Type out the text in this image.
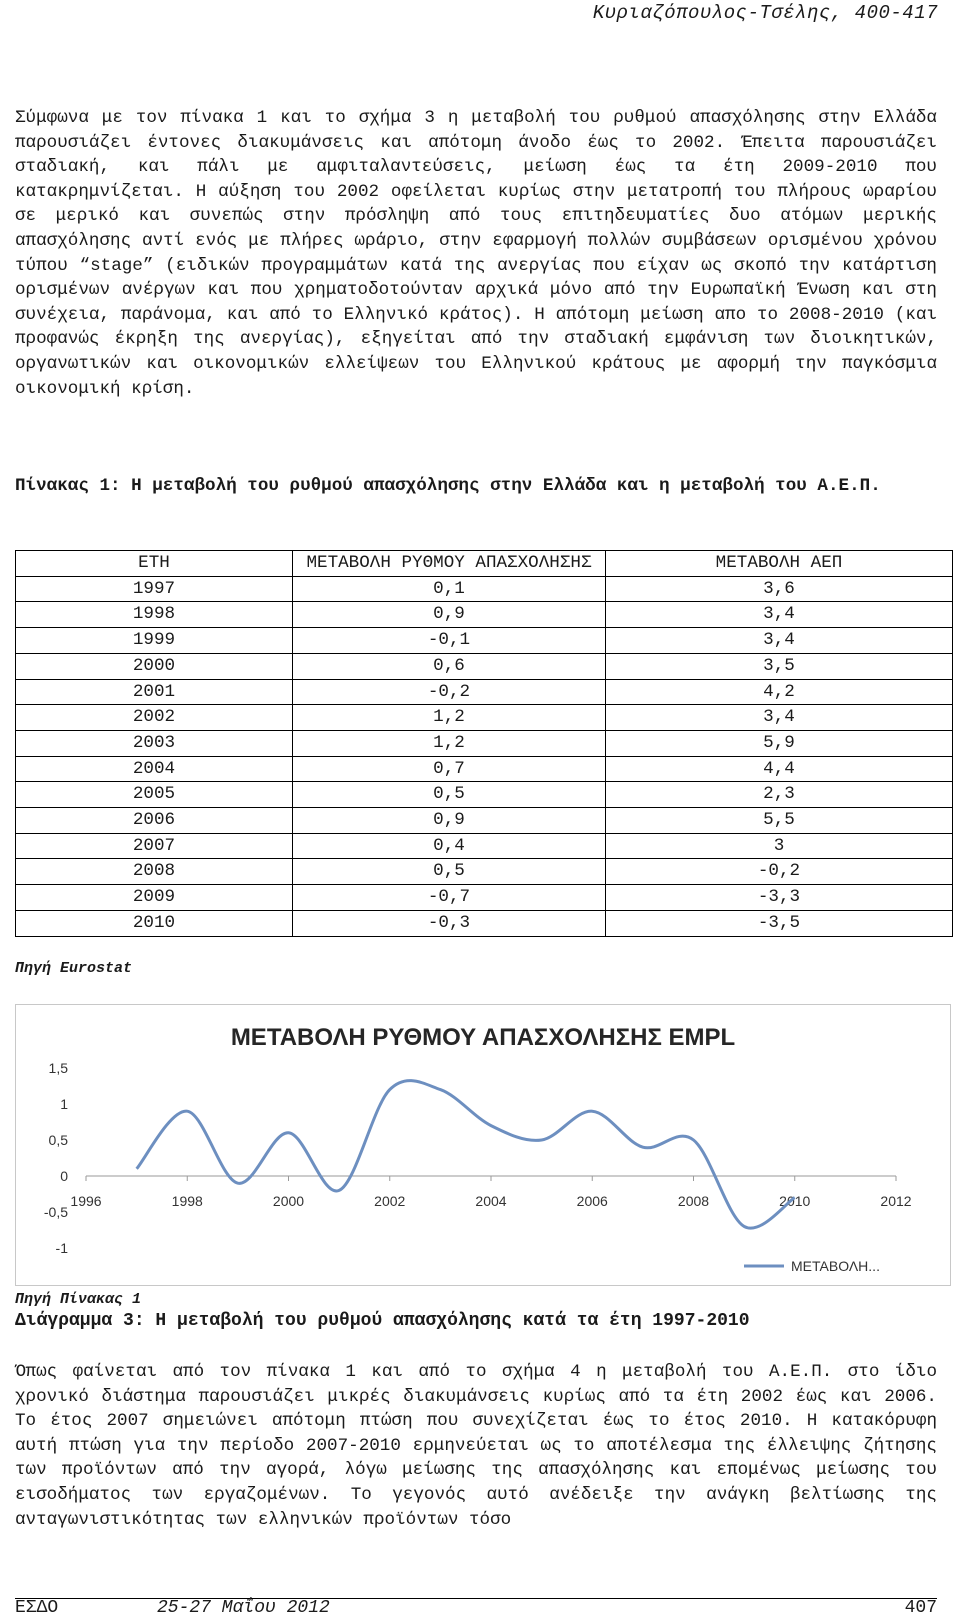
Κυριαζόπουλος-Τσέλης, 400-417

Σύμφωνα με τον πίνακα 1 και το σχήμα 3 η μεταβολή του ρυθμού απασχόλησης στην Ελλάδα παρουσιάζει έντονες διακυμάνσεις και απότομη άνοδο έως το 2002. Έπειτα παρουσιάζει σταδιακή, και πάλι με αμφιταλαντεύσεις, μείωση έως τα έτη 2009-2010 που κατακρημνίζεται. Η αύξηση του 2002 οφείλεται κυρίως στην μετατροπή του πλήρους ωραρίου σε μερικό και συνεπώς στην πρόσληψη από τους επιτηδευματίες δυο ατόμων μερικής απασχόλησης αντί ενός με πλήρες ωράριο, στην εφαρμογή πολλών συμβάσεων ορισμένου χρόνου τύπου “stage” (ειδικών προγραμμάτων κατά της ανεργίας που είχαν ως σκοπό την κατάρτιση ορισμένων ανέργων και που χρηματοδοτούνταν αρχικά μόνο από την Ευρωπαϊκή Ένωση και στη συνέχεια, παράνομα, και από το Ελληνικό κράτος). Η απότομη μείωση απο το 2008-2010 (και προφανώς έκρηξη της ανεργίας), εξηγείται από την σταδιακή εμφάνιση των διοικητικών, οργανωτικών και οικονομικών ελλείψεων του Ελληνικού κράτους με αφορμή την παγκόσμια οικονομική κρίση.

Πίνακας 1: Η μεταβολή του ρυθμού απασχόλησης στην Ελλάδα και η μεταβολή του Α.Ε.Π.

ΕΤΗ	ΜΕΤΑΒΟΛΗ ΡΥΘΜΟΥ ΑΠΑΣΧΟΛΗΣΗΣ	ΜΕΤΑΒΟΛΗ ΑΕΠ
1997	0,1	3,6
1998	0,9	3,4
1999	-0,1	3,4
2000	0,6	3,5
2001	-0,2	4,2
2002	1,2	3,4
2003	1,2	5,9
2004	0,7	4,4
2005	0,5	2,3
2006	0,9	5,5
2007	0,4	3
2008	0,5	-0,2
2009	-0,7	-3,3
2010	-0,3	-3,5
Πηγή Eurostat
ΜΕΤΑΒΟΛΗ ΡΥΘΜΟΥ ΑΠΑΣΧΟΛΗΣΗΣ EMPL
1,5
1
0,5
0
-0,5
-1
1996	1998	2000	2002	2004	2006	2008	2010	2012
ΜΕΤΑΒΟΛΗ...
Πηγή Πίνακας 1
Διάγραμμα 3: Η μεταβολή του ρυθμού απασχόλησης κατά τα έτη 1997-2010

Όπως φαίνεται από τον πίνακα 1 και από το σχήμα 4 η μεταβολή του Α.Ε.Π. στο ίδιο χρονικό διάστημα παρουσιάζει μικρές διακυμάνσεις κυρίως από τα έτη 2002 έως και 2006. Το έτος 2007 σημειώνει απότομη πτώση που συνεχίζεται έως το έτος 2010. Η κατακόρυφη αυτή πτώση για την περίοδο 2007-2010 ερμηνεύεται ως το αποτέλεσμα της έλλειψης ζήτησης των προϊόντων από την αγορά, λόγω μείωσης της απασχόλησης και επομένως μείωσης του εισοδήματος των εργαζομένων. Το γεγονός αυτό ανέδειξε την ανάγκη βελτίωσης της ανταγωνιστικότητας των ελληνικών προϊόντων τόσο

ΕΣΔΟ	25-27 Μαΐου 2012	407
